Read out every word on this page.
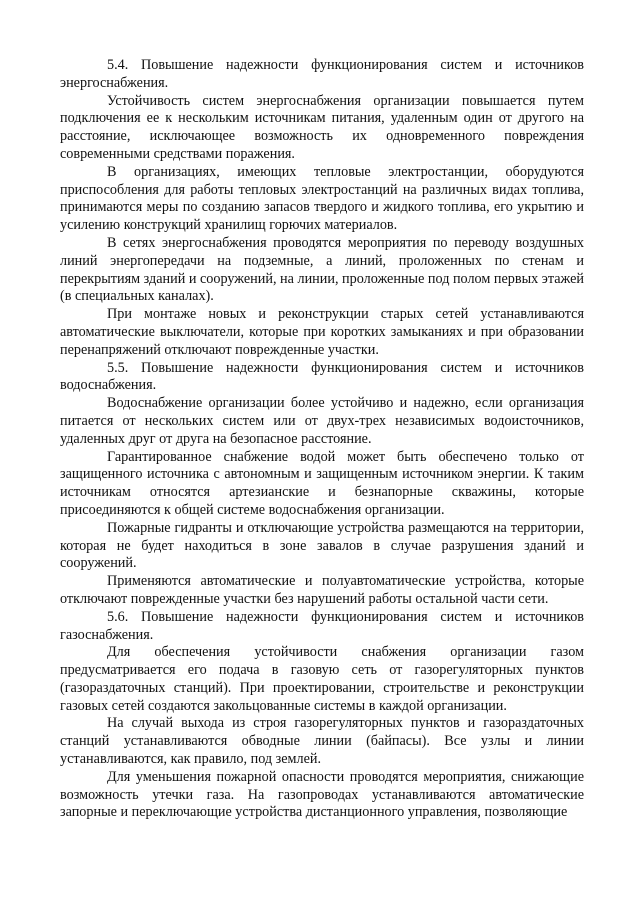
5.4. Повышение надежности функционирования систем и источников энергоснабжения.

Устойчивость систем энергоснабжения организации повышается путем подключения ее к нескольким источникам питания, удаленным один от другого на расстояние, исключающее возможность их одновременного повреждения современными средствами поражения.

В организациях, имеющих тепловые электростанции, оборудуются приспособления для работы тепловых электростанций на различных видах топлива, принимаются меры по созданию запасов твердого и жидкого топлива, его укрытию и усилению конструкций хранилищ горючих материалов.

В сетях энергоснабжения проводятся мероприятия по переводу воздушных линий энергопередачи на подземные, а линий, проложенных по стенам и перекрытиям зданий и сооружений, на линии, проложенные под полом первых этажей (в специальных каналах).

При монтаже новых и реконструкции старых сетей устанавливаются автоматические выключатели, которые при коротких замыканиях и при образовании перенапряжений отключают поврежденные участки.

5.5. Повышение надежности функционирования систем и источников водоснабжения.

Водоснабжение организации более устойчиво и надежно, если организация питается от нескольких систем или от двух-трех независимых водоисточников, удаленных друг от друга на безопасное расстояние.

Гарантированное снабжение водой может быть обеспечено только от защищенного источника с автономным и защищенным источником энергии. К таким источникам относятся артезианские и безнапорные скважины, которые присоединяются к общей системе водоснабжения организации.

Пожарные гидранты и отключающие устройства размещаются на территории, которая не будет находиться в зоне завалов в случае разрушения зданий и сооружений.

Применяются автоматические и полуавтоматические устройства, которые отключают поврежденные участки без нарушений работы остальной части сети.

5.6. Повышение надежности функционирования систем и источников газоснабжения.

Для обеспечения устойчивости снабжения организации газом предусматривается его подача в газовую сеть от газорегуляторных пунктов (газораздаточных станций). При проектировании, строительстве и реконструкции газовых сетей создаются закольцованные системы в каждой организации.

На случай выхода из строя газорегуляторных пунктов и газораздаточных станций устанавливаются обводные линии (байпасы). Все узлы и линии устанавливаются, как правило, под землей.

Для уменьшения пожарной опасности проводятся мероприятия, снижающие возможность утечки газа. На газопроводах устанавливаются автоматические запорные и переключающие устройства дистанционного управления, позволяющие
